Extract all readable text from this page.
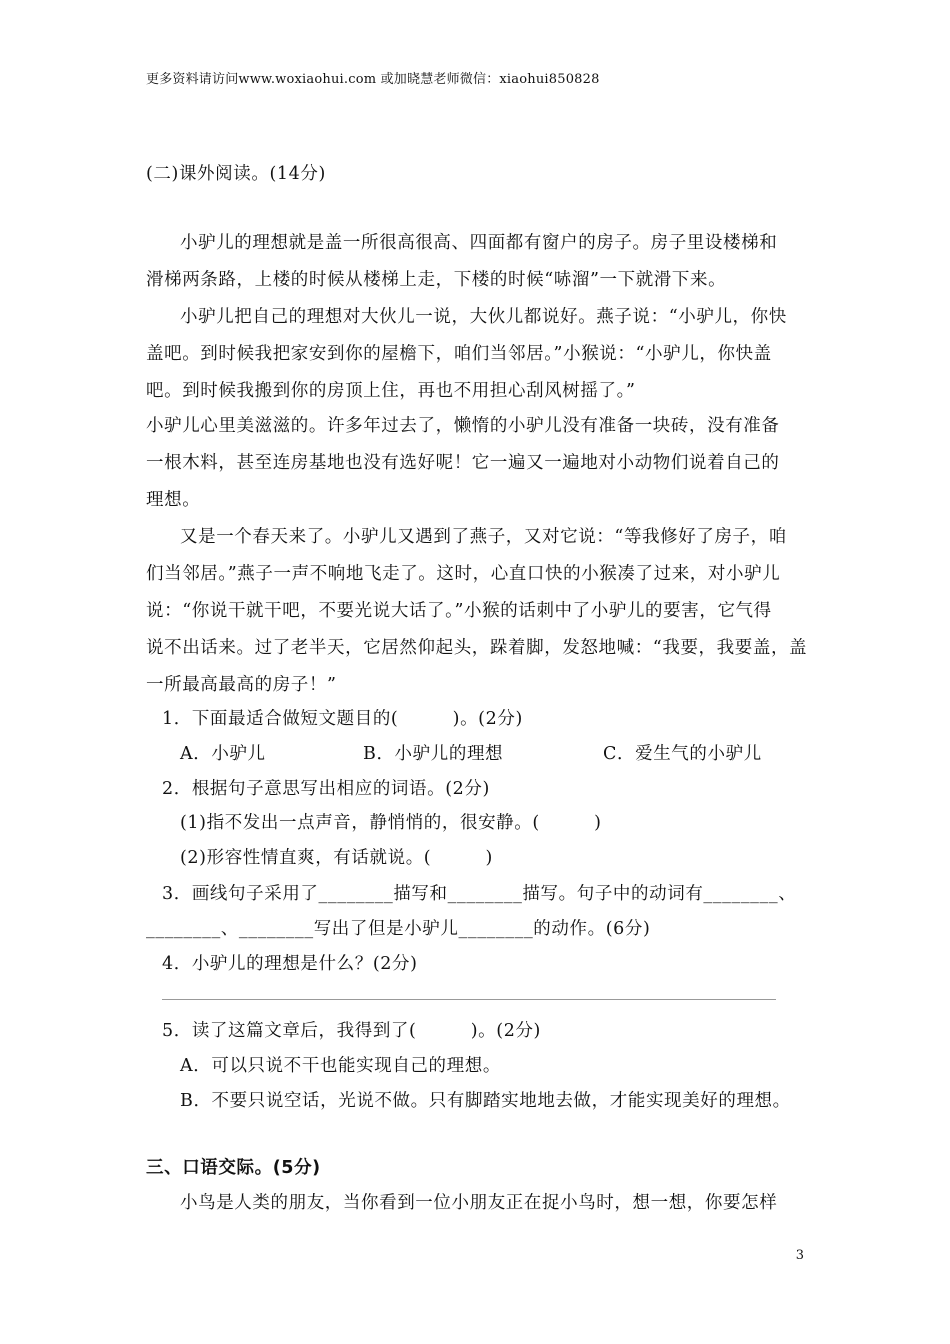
更多资料请访问www.woxiaohui.com 或加晓慧老师微信：xiaohui850828
(二)课外阅读。(14分)
小驴儿的理想就是盖一所很高很高、四面都有窗户的房子。房子里设楼梯和
滑梯两条路，上楼的时候从楼梯上走，下楼的时候“哧溜”一下就滑下来。
小驴儿把自己的理想对大伙儿一说，大伙儿都说好。燕子说：“小驴儿，你快
盖吧。到时候我把家安到你的屋檐下，咱们当邻居。”小猴说：“小驴儿，你快盖
吧。到时候我搬到你的房顶上住，再也不用担心刮风树摇了。”
小驴儿心里美滋滋的。许多年过去了，懒惰的小驴儿没有准备一块砖，没有准备
一根木料，甚至连房基地也没有选好呢！它一遍又一遍地对小动物们说着自己的
理想。
又是一个春天来了。小驴儿又遇到了燕子，又对它说：“等我修好了房子，咱
们当邻居。”燕子一声不响地飞走了。这时，心直口快的小猴凑了过来，对小驴儿
说：“你说干就干吧，不要光说大话了。”小猴的话刺中了小驴儿的要害，它气得
说不出话来。过了老半天，它居然仰起头，跺着脚，发怒地喊：“我要，我要盖，盖
一所最高最高的房子！”
1．下面最适合做短文题目的(　　　)。(2分)
A．小驴儿	B．小驴儿的理想	C．爱生气的小驴儿
2．根据句子意思写出相应的词语。(2分)
(1)指不发出一点声音，静悄悄的，很安静。(　　　)
(2)形容性情直爽，有话就说。(　　　)
3．画线句子采用了________描写和________描写。句子中的动词有________、
________、________写出了但是小驴儿________的动作。(6分)
4．小驴儿的理想是什么？(2分)
5．读了这篇文章后，我得到了(　　　)。(2分)
A．可以只说不干也能实现自己的理想。
B．不要只说空话，光说不做。只有脚踏实地地去做，才能实现美好的理想。
三、口语交际。(5分)
小鸟是人类的朋友，当你看到一位小朋友正在捉小鸟时，想一想，你要怎样
3
